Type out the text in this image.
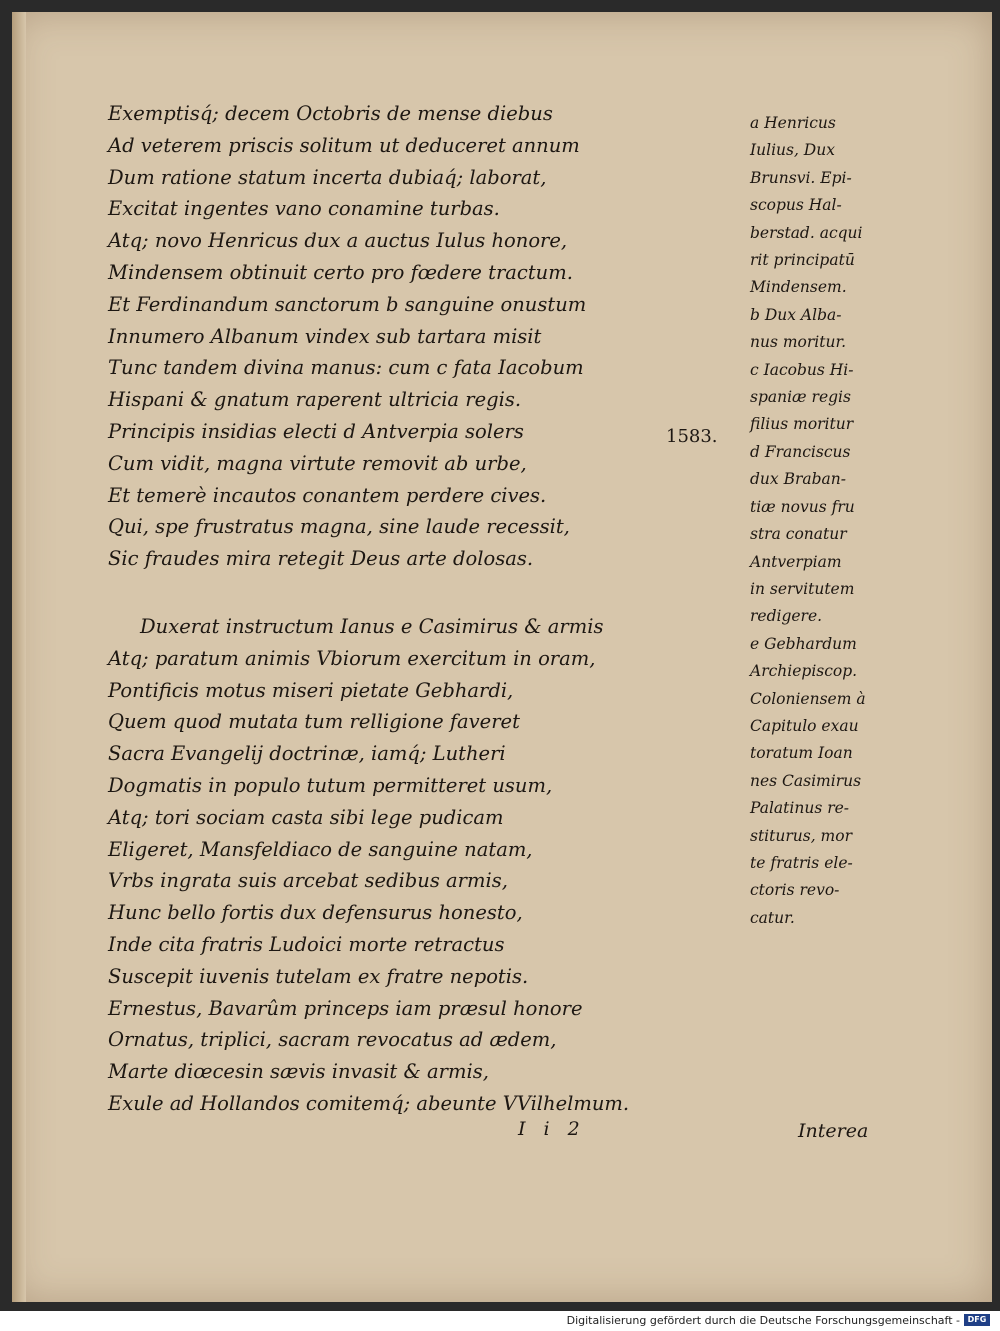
Exemptisq́; decem Octobris de mense diebus
Ad veterem priscis solitum ut deduceret annum
Dum ratione statum incerta dubiaq́; laborat,
Excitat ingentes vano conamine turbas.
Atq; novo Henricus dux a auctus Iulus honore,
Mindensem obtinuit certo pro fœdere tractum.
Et Ferdinandum sanctorum b sanguine onustum
Innumero Albanum vindex sub tartara misit
Tunc tandem divina manus: cum c fata Iacobum
Hispani & gnatum raperent ultricia regis.
Principis insidias electi d Antverpia solers
Cum vidit, magna virtute removit ab urbe,
Et temerè incautos conantem perdere cives.
Qui, spe frustratus magna, sine laude recessit,
Sic fraudes mira retegit Deus arte dolosas.
Duxerat instructum Ianus e Casimirus & armis
Atq; paratum animis Vbiorum exercitum in oram,
Pontificis motus miseri pietate Gebhardi,
Quem quod mutata tum relligione faveret
Sacra Evangelij doctrinæ, iamq́; Lutheri
Dogmatis in populo tutum permitteret usum,
Atq; tori sociam casta sibi lege pudicam
Eligeret, Mansfeldiaco de sanguine natam,
Vrbs ingrata suis arcebat sedibus armis,
Hunc bello fortis dux defensurus honesto,
Inde cita fratris Ludoici morte retractus
Suscepit iuvenis tutelam ex fratre nepotis.
Ernestus, Bavarûm princeps iam præsul honore
Ornatus, triplici, sacram revocatus ad ædem,
Marte diœcesin sævis invasit & armis,
Exule ad Hollandos comitemq́; abeunte VVilhelmum.
1583.
a Henricus
Iulius, Dux
Brunsvi. Epi-
scopus Hal-
berstad. acqui
rit principatū
Mindensem.
b Dux Alba-
nus moritur.
c Iacobus Hi-
spaniæ regis
filius moritur
d Franciscus
dux Braban-
tiæ novus fru
stra conatur
Antverpiam
in servitutem
redigere.
e Gebhardum
Archiepiscop.
Coloniensem à
Capitulo exau
toratum Ioan
nes Casimirus
Palatinus re-
stiturus, mor
te fratris ele-
ctoris revo-
catur.
I i 2	Interea
Digitalisierung gefördert durch die Deutsche Forschungsgemeinschaft - DFG
